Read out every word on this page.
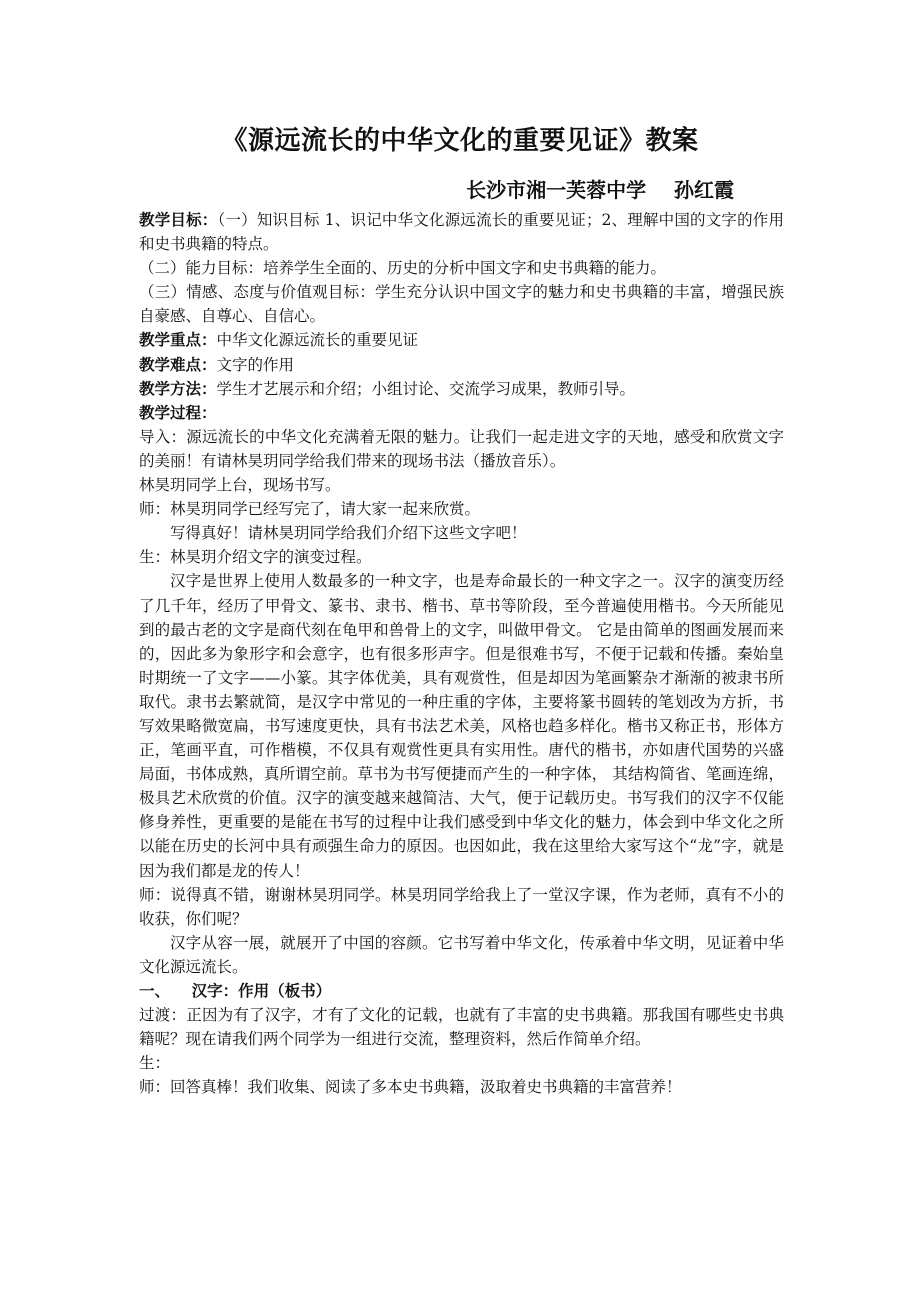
《源远流长的中华文化的重要见证》教案
长沙市湘一芙蓉中学    孙红霞

教学目标：（一）知识目标 1、识记中华文化源远流长的重要见证；2、理解中国的文字的作用和史书典籍的特点。

（二）能力目标：培养学生全面的、历史的分析中国文字和史书典籍的能力。

（三）情感、态度与价值观目标：学生充分认识中国文字的魅力和史书典籍的丰富，增强民族自豪感、自尊心、自信心。

教学重点：中华文化源远流长的重要见证

教学难点：文字的作用

教学方法：学生才艺展示和介绍；小组讨论、交流学习成果，教师引导。

教学过程：

导入：源远流长的中华文化充满着无限的魅力。让我们一起走进文字的天地，感受和欣赏文字的美丽！有请林昊玥同学给我们带来的现场书法（播放音乐）。

林昊玥同学上台，现场书写。

师：林昊玥同学已经写完了，请大家一起来欣赏。

写得真好！请林昊玥同学给我们介绍下这些文字吧！

生：林昊玥介绍文字的演变过程。

汉字是世界上使用人数最多的一种文字，也是寿命最长的一种文字之一。汉字的演变历经了几千年，经历了甲骨文、篆书、隶书、楷书、草书等阶段，至今普遍使用楷书。今天所能见到的最古老的文字是商代刻在龟甲和兽骨上的文字，叫做甲骨文。 它是由简单的图画发展而来的，因此多为象形字和会意字，也有很多形声字。但是很难书写，不便于记载和传播。秦始皇时期统一了文字——小篆。其字体优美，具有观赏性，但是却因为笔画繁杂才渐渐的被隶书所取代。隶书去繁就简，是汉字中常见的一种庄重的字体，主要将篆书圆转的笔划改为方折，书写效果略微宽扁，书写速度更快，具有书法艺术美，风格也趋多样化。楷书又称正书，形体方正，笔画平直，可作楷模，不仅具有观赏性更具有实用性。唐代的楷书，亦如唐代国势的兴盛局面，书体成熟，真所谓空前。草书为书写便捷而产生的一种字体， 其结构简省、笔画连绵，极具艺术欣赏的价值。汉字的演变越来越简洁、大气，便于记载历史。书写我们的汉字不仅能修身养性，更重要的是能在书写的过程中让我们感受到中华文化的魅力，体会到中华文化之所以能在历史的长河中具有顽强生命力的原因。也因如此，我在这里给大家写这个“龙”字，就是因为我们都是龙的传人！

师：说得真不错，谢谢林昊玥同学。林昊玥同学给我上了一堂汉字课，作为老师，真有不小的收获，你们呢？

汉字从容一展，就展开了中国的容颜。它书写着中华文化，传承着中华文明，见证着中华文化源远流长。

一、    汉字：作用（板书）

过渡：正因为有了汉字，才有了文化的记载，也就有了丰富的史书典籍。那我国有哪些史书典籍呢？现在请我们两个同学为一组进行交流，整理资料，然后作简单介绍。

生：

师：回答真棒！我们收集、阅读了多本史书典籍，汲取着史书典籍的丰富营养！
